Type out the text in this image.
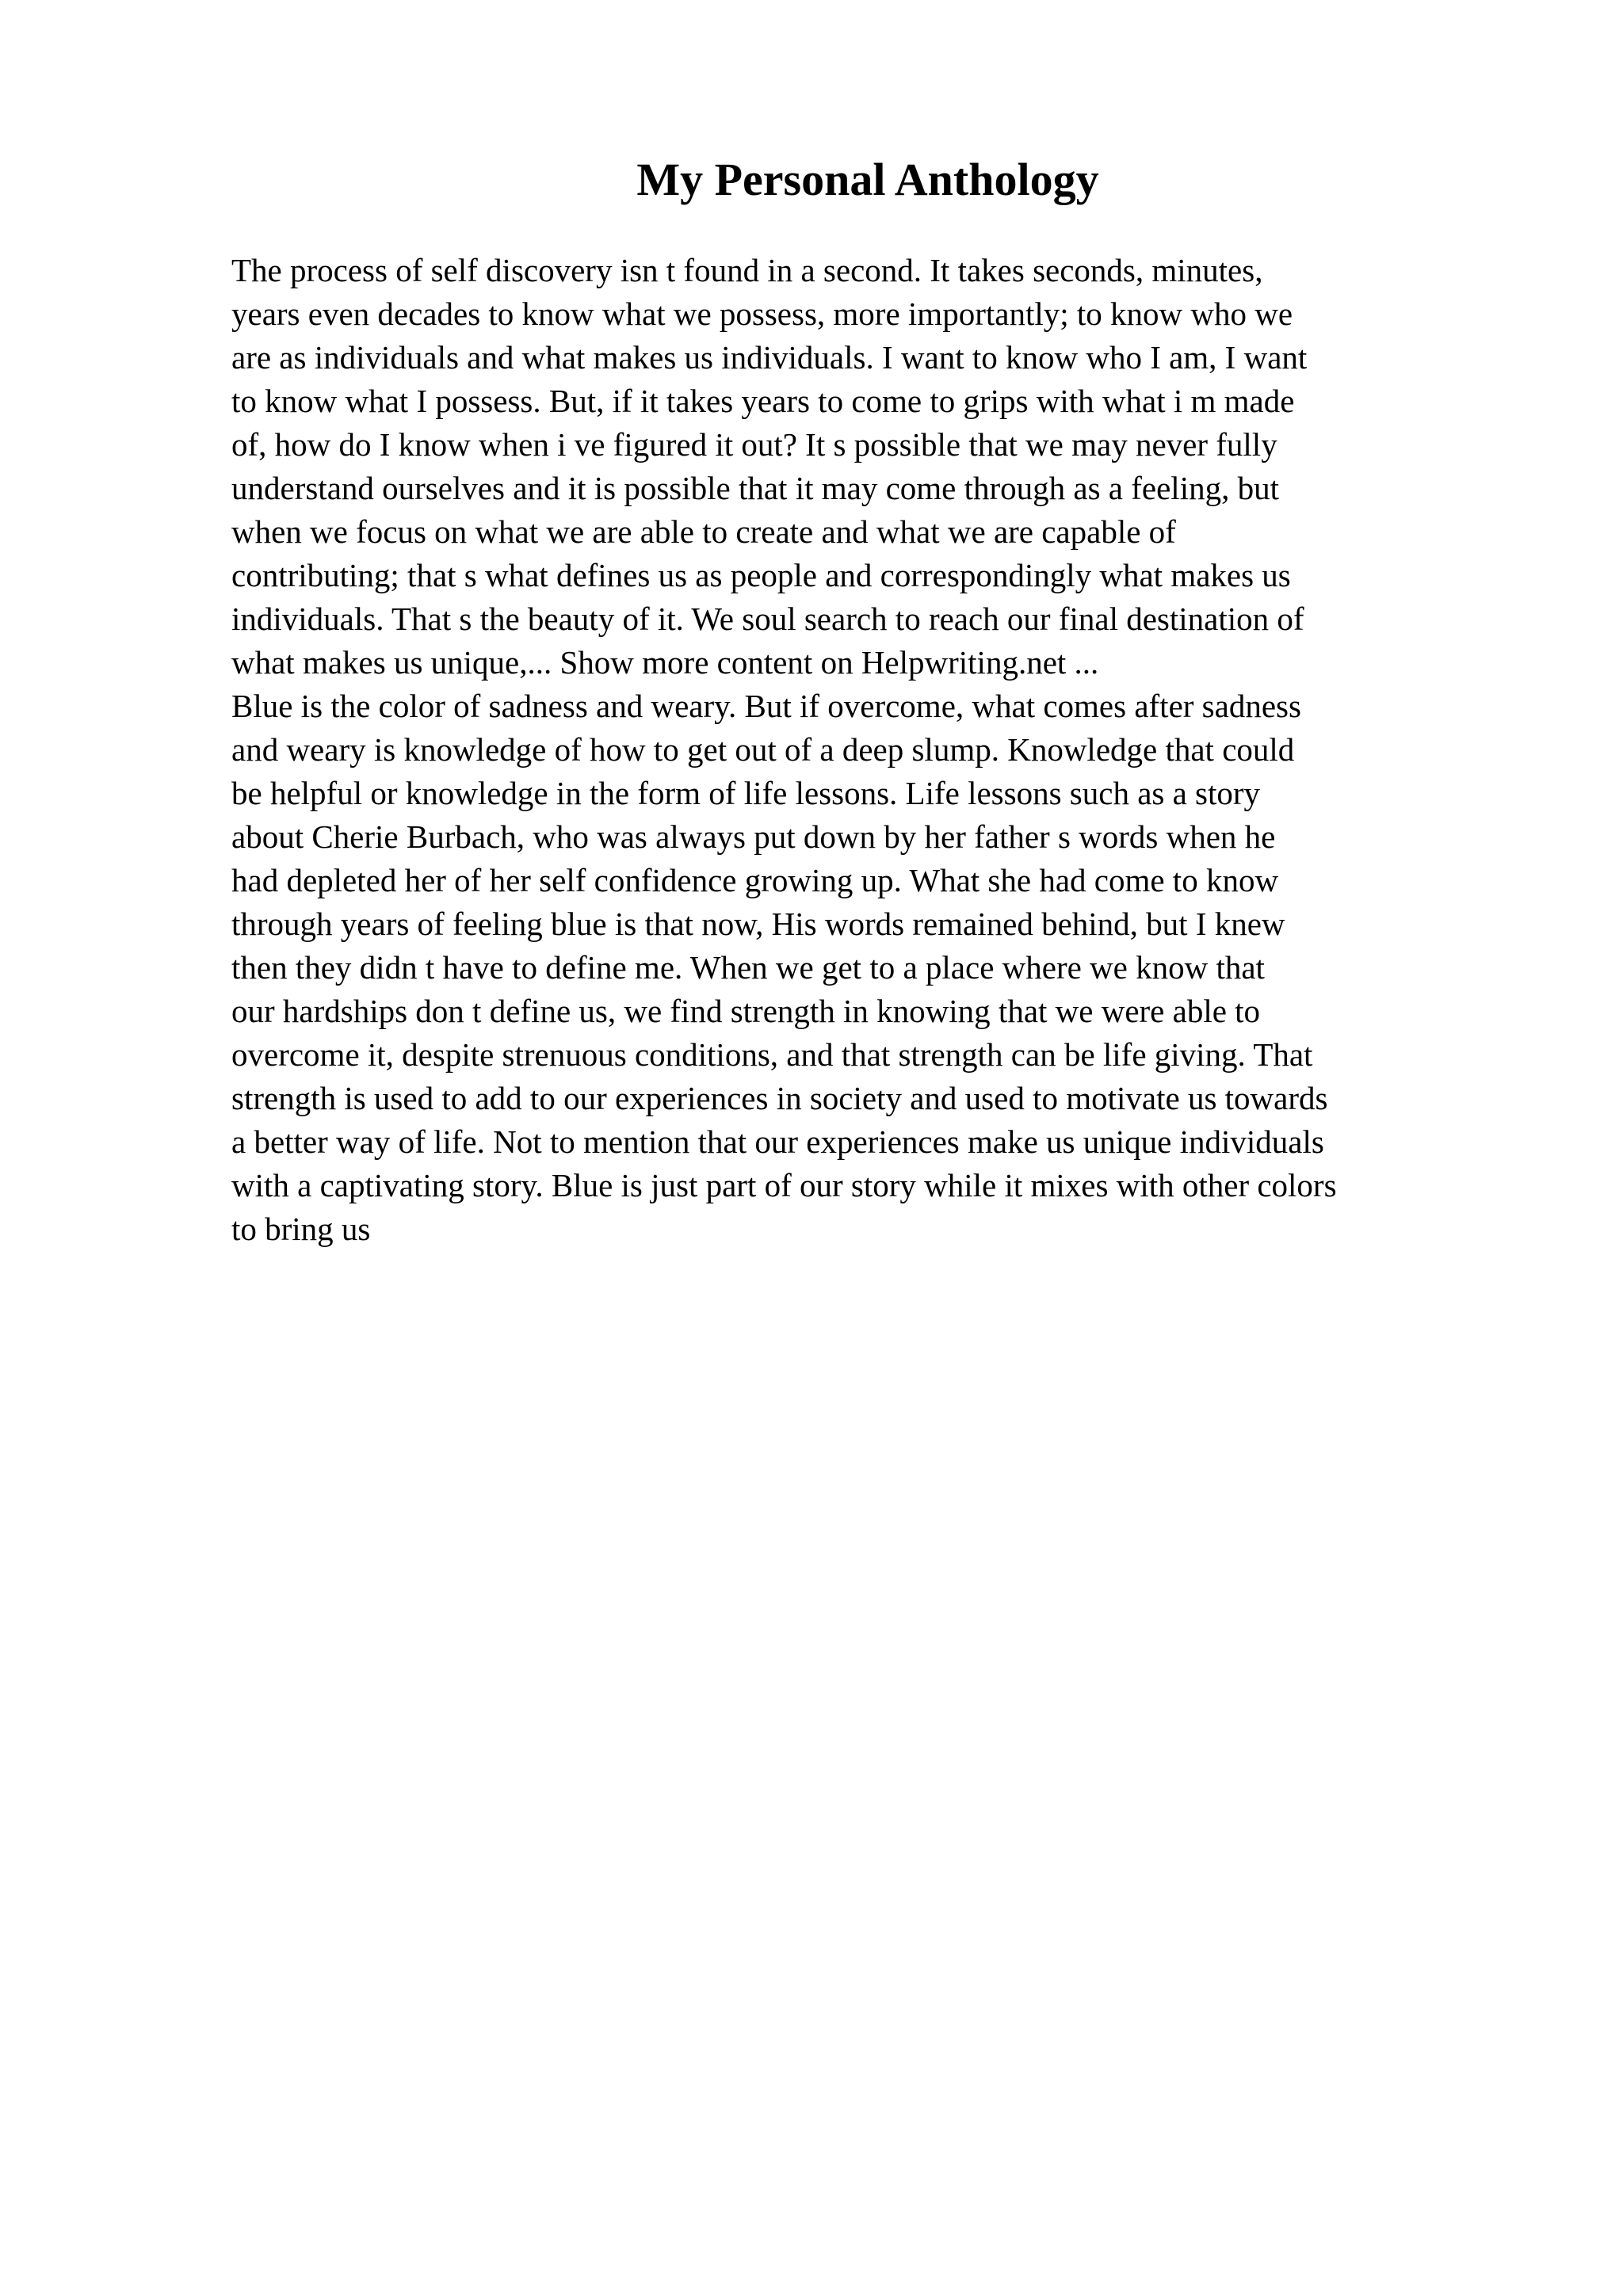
My Personal Anthology
The process of self discovery isn t found in a second. It takes seconds, minutes,
years even decades to know what we possess, more importantly; to know who we
are as individuals and what makes us individuals. I want to know who I am, I want
to know what I possess. But, if it takes years to come to grips with what i m made
of, how do I know when i ve figured it out? It s possible that we may never fully
understand ourselves and it is possible that it may come through as a feeling, but
when we focus on what we are able to create and what we are capable of
contributing; that s what defines us as people and correspondingly what makes us
individuals. That s the beauty of it. We soul search to reach our final destination of
what makes us unique,... Show more content on Helpwriting.net ...
Blue is the color of sadness and weary. But if overcome, what comes after sadness
and weary is knowledge of how to get out of a deep slump. Knowledge that could
be helpful or knowledge in the form of life lessons. Life lessons such as a story
about Cherie Burbach, who was always put down by her father s words when he
had depleted her of her self confidence growing up. What she had come to know
through years of feeling blue is that now, His words remained behind, but I knew
then they didn t have to define me. When we get to a place where we know that
our hardships don t define us, we find strength in knowing that we were able to
overcome it, despite strenuous conditions, and that strength can be life giving. That
strength is used to add to our experiences in society and used to motivate us towards
a better way of life. Not to mention that our experiences make us unique individuals
with a captivating story. Blue is just part of our story while it mixes with other colors
to bring us
